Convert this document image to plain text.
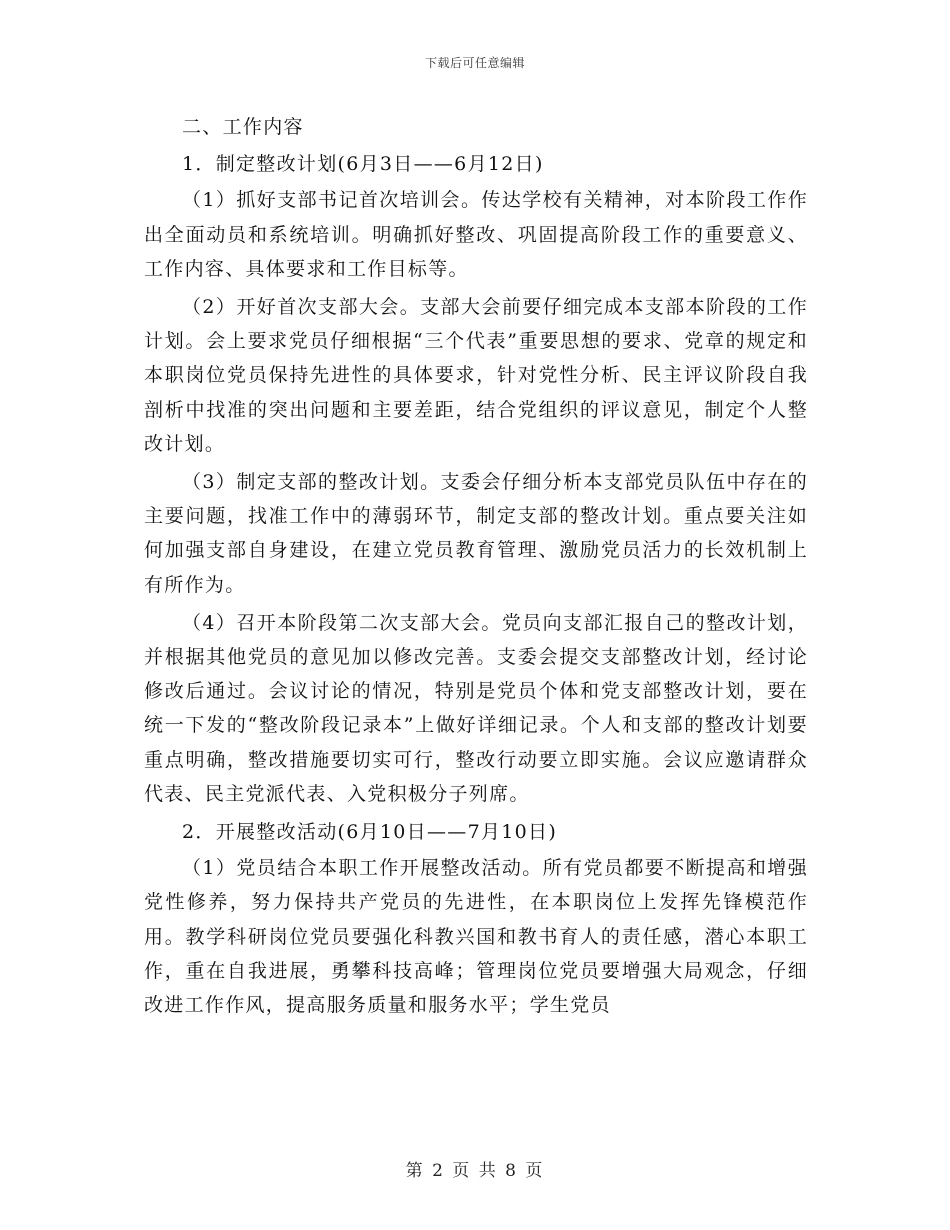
下载后可任意编辑

二、工作内容

1．制定整改计划(6月3日——6月12日)

（1）抓好支部书记首次培训会。传达学校有关精神，对本阶段工作作出全面动员和系统培训。明确抓好整改、巩固提高阶段工作的重要意义、工作内容、具体要求和工作目标等。

（2）开好首次支部大会。支部大会前要仔细完成本支部本阶段的工作计划。会上要求党员仔细根据“三个代表”重要思想的要求、党章的规定和本职岗位党员保持先进性的具体要求，针对党性分析、民主评议阶段自我剖析中找准的突出问题和主要差距，结合党组织的评议意见，制定个人整改计划。

（3）制定支部的整改计划。支委会仔细分析本支部党员队伍中存在的主要问题，找准工作中的薄弱环节，制定支部的整改计划。重点要关注如何加强支部自身建设，在建立党员教育管理、激励党员活力的长效机制上有所作为。

（4）召开本阶段第二次支部大会。党员向支部汇报自己的整改计划，并根据其他党员的意见加以修改完善。支委会提交支部整改计划，经讨论修改后通过。会议讨论的情况，特别是党员个体和党支部整改计划，要在统一下发的“整改阶段记录本”上做好详细记录。个人和支部的整改计划要重点明确，整改措施要切实可行，整改行动要立即实施。会议应邀请群众代表、民主党派代表、入党积极分子列席。

2．开展整改活动(6月10日——7月10日)

（1）党员结合本职工作开展整改活动。所有党员都要不断提高和增强党性修养，努力保持共产党员的先进性，在本职岗位上发挥先锋模范作用。教学科研岗位党员要强化科教兴国和教书育人的责任感，潜心本职工作，重在自我进展，勇攀科技高峰；管理岗位党员要增强大局观念，仔细改进工作作风，提高服务质量和服务水平；学生党员

第 2 页 共 8 页
